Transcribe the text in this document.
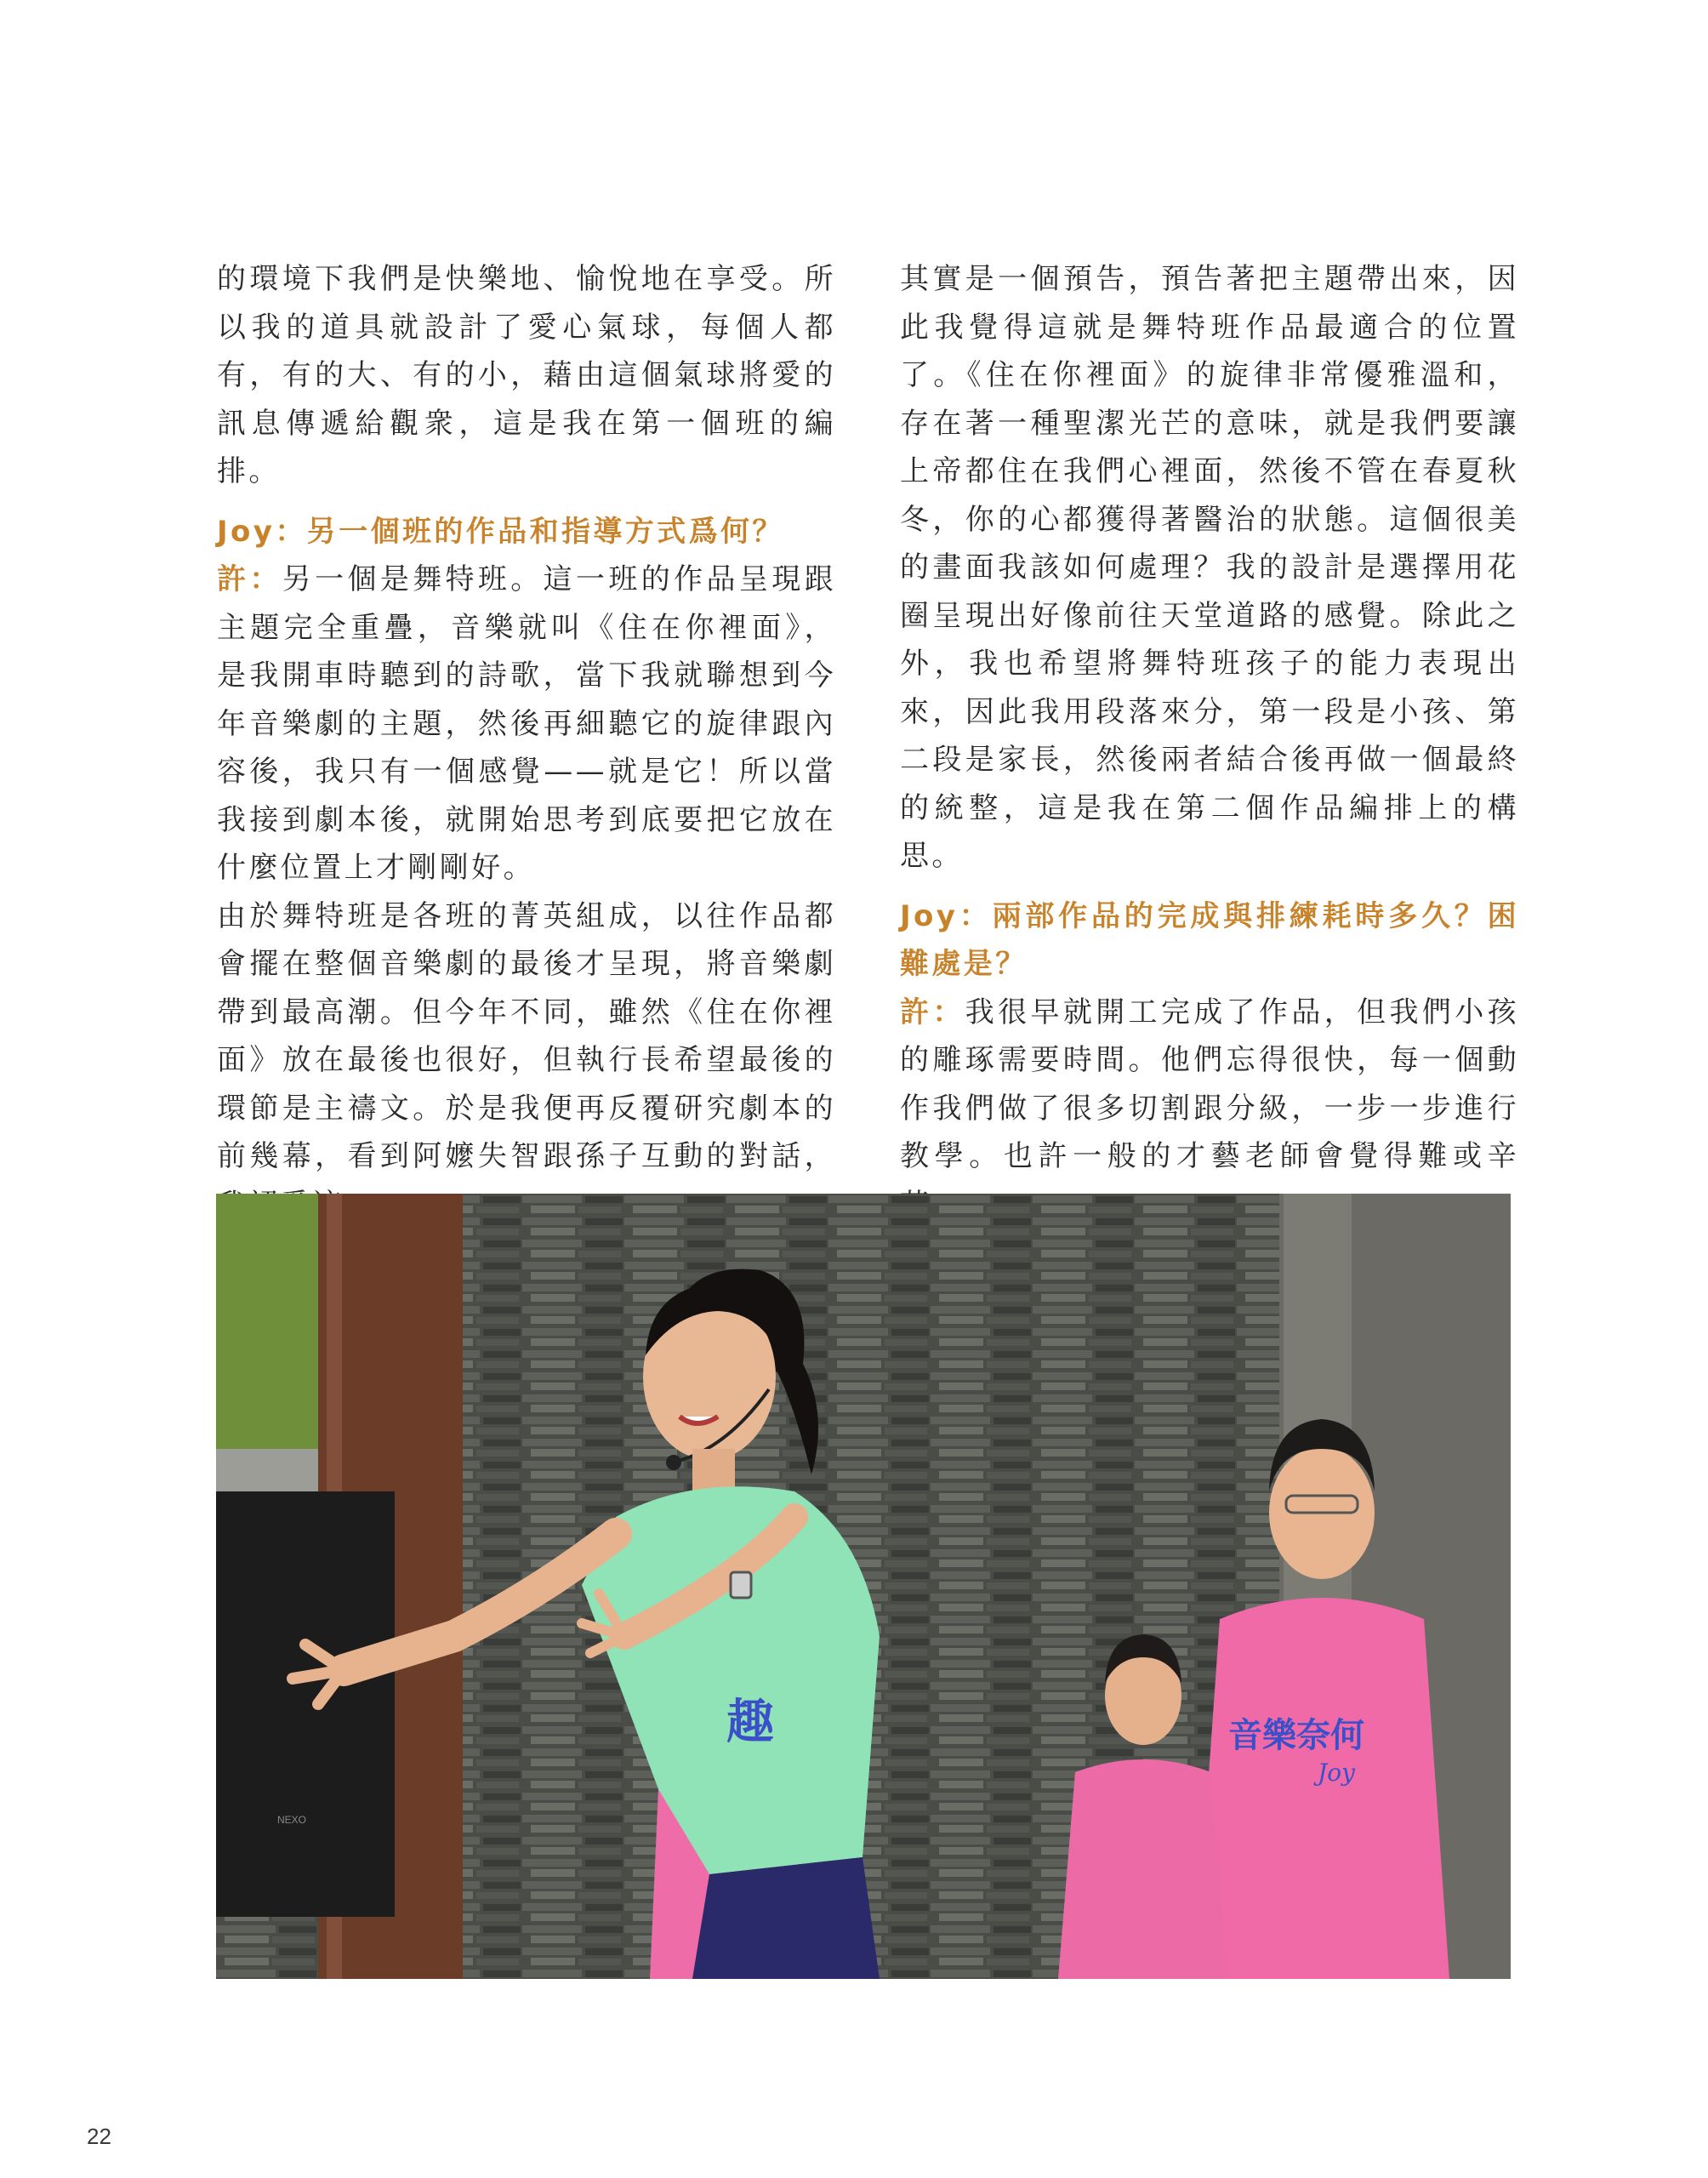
的環境下我們是快樂地、愉悅地在享受。所以我的道具就設計了愛心氣球，每個人都有，有的大、有的小，藉由這個氣球將愛的訊息傳遞給觀衆，這是我在第一個班的編排。

Joy：另一個班的作品和指導方式爲何？

許：另一個是舞特班。這一班的作品呈現跟主題完全重疊，音樂就叫《住在你裡面》，是我開車時聽到的詩歌，當下我就聯想到今年音樂劇的主題，然後再細聽它的旋律跟內容後，我只有一個感覺——就是它！所以當我接到劇本後，就開始思考到底要把它放在什麼位置上才剛剛好。

由於舞特班是各班的菁英組成，以往作品都會擺在整個音樂劇的最後才呈現，將音樂劇帶到最高潮。但今年不同，雖然《住在你裡面》放在最後也很好，但執行長希望最後的環節是主禱文。於是我便再反覆研究劇本的前幾幕，看到阿嬤失智跟孫子互動的對話，

其實是一個預告，預告著把主題帶出來，因此我覺得這就是舞特班作品最適合的位置了。《住在你裡面》的旋律非常優雅溫和，存在著一種聖潔光芒的意味，就是我們要讓上帝都住在我們心裡面，然後不管在春夏秋冬，你的心都獲得著醫治的狀態。這個很美的畫面我該如何處理？我的設計是選擇用花圈呈現出好像前往天堂道路的感覺。除此之外，我也希望將舞特班孩子的能力表現出來，因此我用段落來分，第一段是小孩、第二段是家長，然後兩者結合後再做一個最終的統整，這是我在第二個作品編排上的構思。

Joy：兩部作品的完成與排練耗時多久？困難處是？

許：我很早就開工完成了作品，但我們小孩的雕琢需要時間。他們忘得很快，每一個動作我們做了很多切割跟分級，一步一步進行教學。也許一般的才藝老師會覺得難或辛

NEXO
音樂奈何
Joy
趣
22
